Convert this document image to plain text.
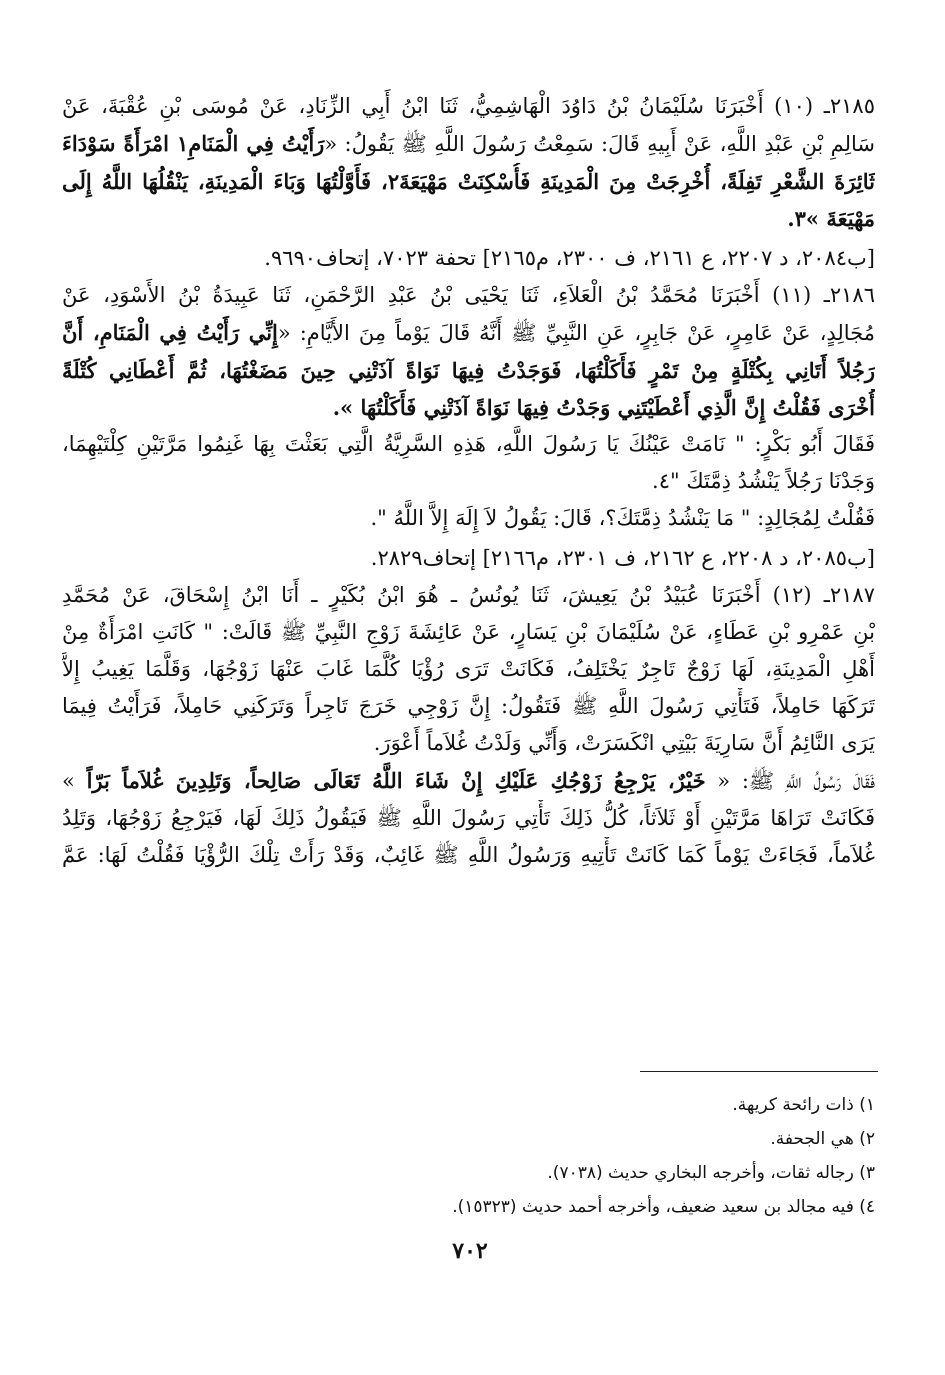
٢١٨٥ـ (١٠) أَخْبَرَنَا سُلَيْمَانُ بْنُ دَاوُدَ الْهَاشِمِيُّ، ثَنَا ابْنُ أَبِي الزِّنَادِ، عَنْ مُوسَى بْنِ عُقْبَةَ، عَنْ

سَالِمِ بْنِ عَبْدِ اللَّهِ، عَنْ أَبِيهِ قَالَ: سَمِعْتُ رَسُولَ اللَّهِ ﷺ يَقُولُ: «رَأَيْتُ فِي الْمَنَامِ١ امْرَأَةً سَوْدَاءَ

ثَائِرَةَ الشَّعْرِ تَفِلَةً، أُخْرِجَتْ مِنَ الْمَدِينَةِ فَأُسْكِنَتْ مَهْيَعَةَ٢، فَأَوَّلْتُهَا وَبَاءَ الْمَدِينَةِ، يَنْقُلُهَا اللَّهُ إِلَى

مَهْيَعَةَ »٣.

[ب٢٠٨٤، د ٢٢٠٧، ع ٢١٦١، ف ٢٣٠٠، م٢١٦٥] تحفة ٧٠٢٣، إتحاف٩٦٩٠.

٢١٨٦ـ (١١) أَخْبَرَنَا مُحَمَّدُ بْنُ الْعَلاَءِ، ثَنَا يَحْيَى بْنُ عَبْدِ الرَّحْمَنِ، ثَنَا عَبِيدَةُ بْنُ الأَسْوَدِ، عَنْ

مُجَالِدٍ، عَنْ عَامِرٍ، عَنْ جَابِرٍ، عَنِ النَّبِيِّ ﷺ أَنَّهُ قَالَ يَوْماً مِنَ الأَيَّامِ: «إِنِّي رَأَيْتُ فِي الْمَنَامِ، أَنَّ

رَجُلاً أَتَانِي بِكُتْلَةٍ مِنْ تَمْرٍ فَأَكَلْتُهَا، فَوَجَدْتُ فِيهَا نَوَاةً آذَتْنِي حِينَ مَضَغْتُهَا، ثُمَّ أَعْطَانِي كُتْلَةً

أُخْرَى فَقُلْتُ إِنَّ الَّذِي أَعْطَيْتَنِي وَجَدْتُ فِيهَا نَوَاةً آذَتْنِي فَأَكَلْتُهَا ».

فَقَالَ أَبُو بَكْرٍ: " نَامَتْ عَيْنُكَ يَا رَسُولَ اللَّهِ، هَذِهِ السَّرِيَّةُ الَّتِي بَعَثْتَ بِهَا غَنِمُوا مَرَّتَيْنِ كِلْتَيْهِمَا،

وَجَدْنَا رَجُلاً يَنْشُدُ ذِمَّتَكَ "٤.

فَقُلْتُ لِمُجَالِدٍ: " مَا يَنْشُدُ ذِمَّتَكَ؟، قَالَ: يَقُولُ لاَ إِلَهَ إِلاَّ اللَّهُ ".

[ب٢٠٨٥، د ٢٢٠٨، ع ٢١٦٢، ف ٢٣٠١، م٢١٦٦] إتحاف٢٨٢٩.

٢١٨٧ـ (١٢) أَخْبَرَنَا عُبَيْدُ بْنُ يَعِيشَ، ثَنَا يُونُسُ ـ هُوَ ابْنُ بُكَيْرٍ ـ أَنَا ابْنُ إِسْحَاقَ، عَنْ مُحَمَّدِ

بْنِ عَمْرِو بْنِ عَطَاءٍ، عَنْ سُلَيْمَانَ بْنِ يَسَارٍ، عَنْ عَائِشَةَ زَوْجِ النَّبِيِّ ﷺ قَالَتْ: " كَانَتِ امْرَأَةٌ مِنْ

أَهْلِ الْمَدِينَةِ، لَهَا زَوْجٌ تَاجِرٌ يَخْتَلِفُ، فَكَانَتْ تَرَى رُؤْيَا كُلَّمَا غَابَ عَنْهَا زَوْجُهَا، وَقَلَّمَا يَغِيبُ إِلاَّ

تَرَكَهَا حَامِلاً، فَتَأْتِي رَسُولَ اللَّهِ ﷺ فَتَقُولُ: إِنَّ زَوْجِي خَرَجَ تَاجِراً وَتَرَكَنِي حَامِلاً، فَرَأَيْتُ فِيمَا

يَرَى النَّائِمُ أَنَّ سَارِيَةَ بَيْتِي انْكَسَرَتْ، وَأَنِّي وَلَدْتُ غُلاَماً أَعْوَرَ.

فَقَالَ رَسُولُ اللَّهِ ﷺ: « خَيْرٌ، يَرْجِعُ زَوْجُكِ عَلَيْكِ إِنْ شَاءَ اللَّهُ تَعَالَى صَالِحاً، وَتَلِدِينَ غُلاَماً بَرّاً »

فَكَانَتْ تَرَاهَا مَرَّتَيْنِ أَوْ ثَلاَثاً، كُلُّ ذَلِكَ تَأْتِي رَسُولَ اللَّهِ ﷺ فَيَقُولُ ذَلِكَ لَهَا، فَيَرْجِعُ زَوْجُهَا، وَتَلِدُ

غُلاَماً، فَجَاءَتْ يَوْماً كَمَا كَانَتْ تَأْتِيهِ وَرَسُولُ اللَّهِ ﷺ غَائِبٌ، وَقَدْ رَأَتْ تِلْكَ الرُّؤْيَا فَقُلْتُ لَهَا: عَمَّ

١) ذات رائحة كريهة.
٢) هي الجحفة.
٣) رجاله ثقات، وأخرجه البخاري حديث (٧٠٣٨).
٤) فيه مجالد بن سعيد ضعيف، وأخرجه أحمد حديث (١٥٣٢٣).
٧٠٢
